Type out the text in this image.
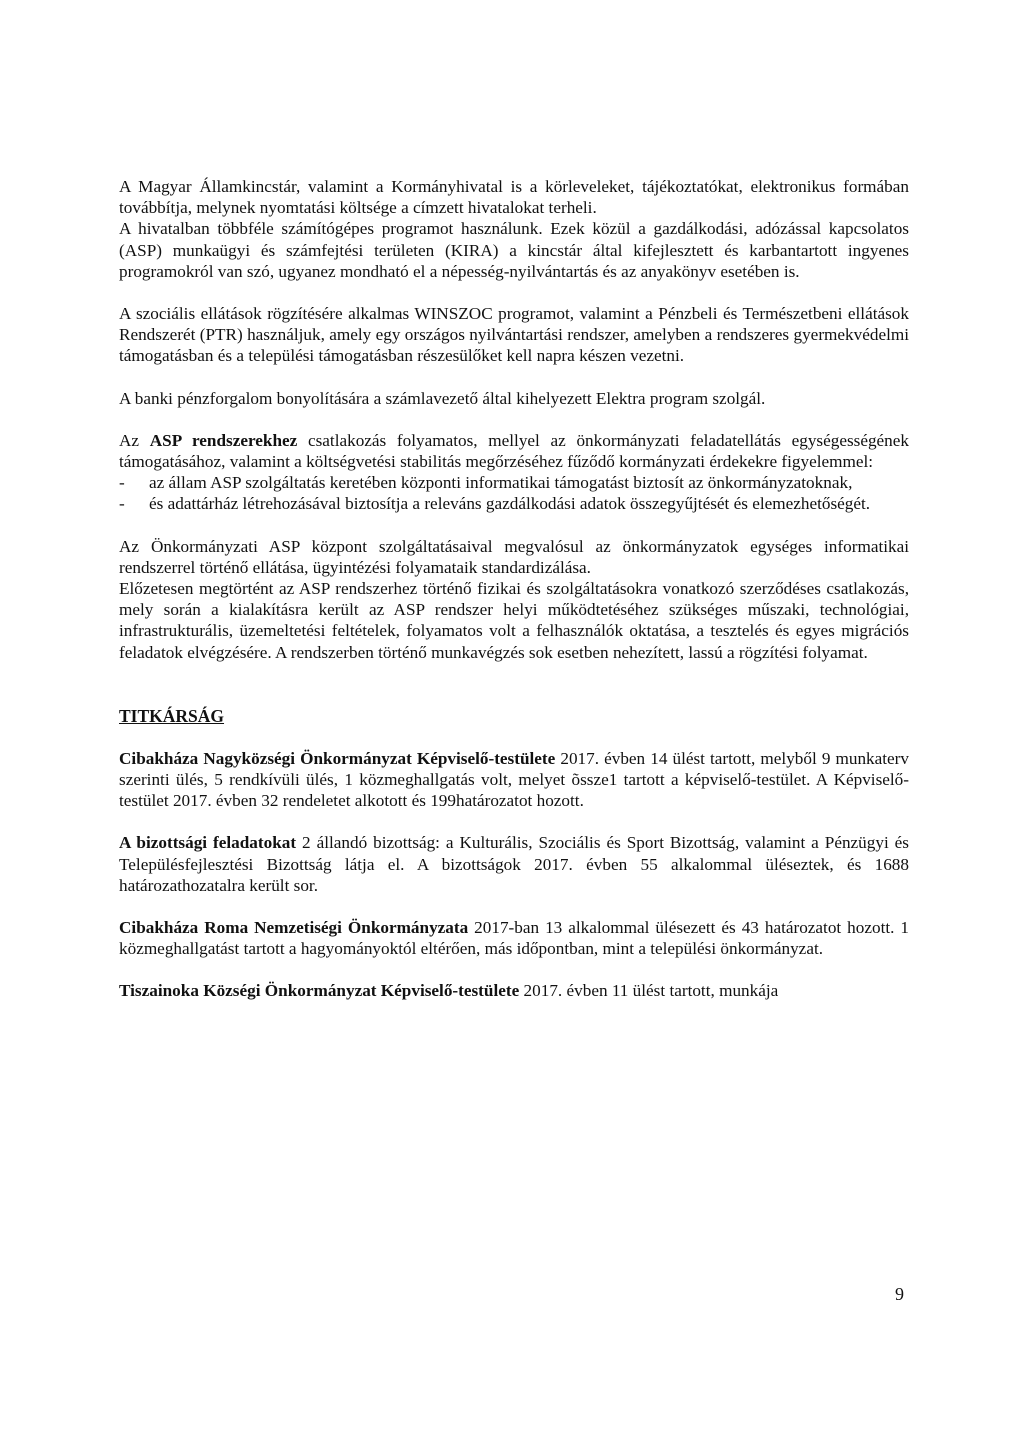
A Magyar Államkincstár, valamint a Kormányhivatal is a körleveleket, tájékoztatókat, elektronikus formában továbbítja, melynek nyomtatási költsége a címzett hivatalokat terheli.

A hivatalban többféle számítógépes programot használunk. Ezek közül a gazdálkodási, adózással kapcsolatos (ASP) munkaügyi és számfejtési területen (KIRA) a kincstár által kifejlesztett és karbantartott ingyenes programokról van szó, ugyanez mondható el a népesség-nyilvántartás és az anyakönyv esetében is.

A szociális ellátások rögzítésére alkalmas WINSZOC programot, valamint a Pénzbeli és Természetbeni ellátások Rendszerét (PTR) használjuk, amely egy országos nyilvántartási rendszer, amelyben a rendszeres gyermekvédelmi támogatásban és a települési támogatásban részesülőket kell napra készen vezetni.

A banki pénzforgalom bonyolítására a számlavezető által kihelyezett Elektra program szolgál.

Az ASP rendszerekhez csatlakozás folyamatos, mellyel az önkormányzati feladatellátás egységességének támogatásához, valamint a költségvetési stabilitás megőrzéséhez fűződő kormányzati érdekekre figyelemmel:

- az állam ASP szolgáltatás keretében központi informatikai támogatást biztosít az önkormányzatoknak,
- és adattárház létrehozásával biztosítja a releváns gazdálkodási adatok összegyűjtését és elemezhetőségét.

Az Önkormányzati ASP központ szolgáltatásaival megvalósul az önkormányzatok egységes informatikai rendszerrel történő ellátása, ügyintézési folyamataik standardizálása.

Előzetesen megtörtént az ASP rendszerhez történő fizikai és szolgáltatásokra vonatkozó szerződéses csatlakozás, mely során a kialakításra került az ASP rendszer helyi működtetéséhez szükséges műszaki, technológiai, infrastrukturális, üzemeltetési feltételek, folyamatos volt a felhasználók oktatása, a tesztelés és egyes migrációs feladatok elvégzésére. A rendszerben történő munkavégzés sok esetben nehezített, lassú a rögzítési folyamat.

TITKÁRSÁG

Cibakháza Nagyközségi Önkormányzat Képviselő-testülete 2017. évben 14 ülést tartott, melyből 9 munkaterv szerinti ülés, 5 rendkívüli ülés, 1 közmeghallgatás volt, melyet õssze1 tartott a képviselő-testület. A Képviselő-testület 2017. évben 32 rendeletet alkotott és 199határozatot hozott.

A bizottsági feladatokat 2 állandó bizottság: a Kulturális, Szociális és Sport Bizottság, valamint a Pénzügyi és Településfejlesztési Bizottság látja el. A bizottságok 2017. évben 55 alkalommal üléseztek, és 1688 határozathozatalra került sor.

Cibakháza Roma Nemzetiségi Önkormányzata 2017-ban 13 alkalommal ülésezett és 43 határozatot hozott. 1 közmeghallgatást tartott a hagyományoktól eltérően, más időpontban, mint a települési önkormányzat.

Tiszainoka Községi Önkormányzat Képviselő-testülete 2017. évben 11 ülést tartott, munkája

9
